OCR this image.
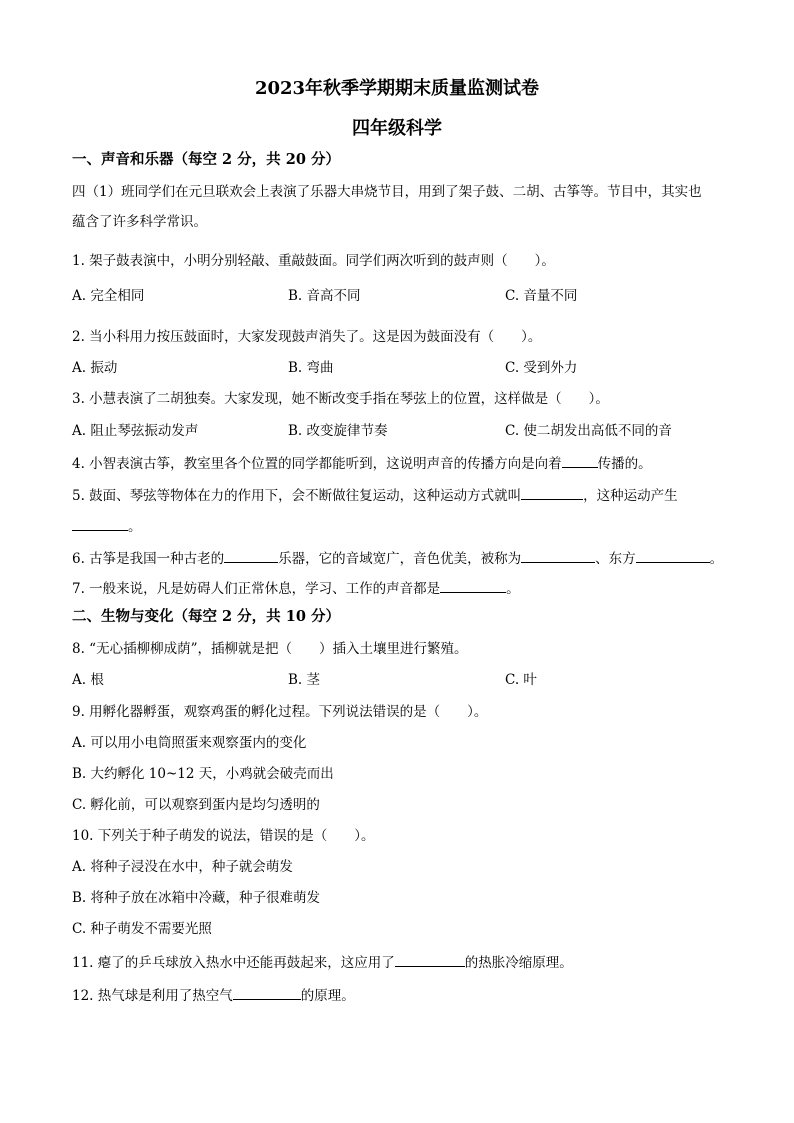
2023年秋季学期期末质量监测试卷
四年级科学
一、声音和乐器（每空 2 分，共 20 分）
四（1）班同学们在元旦联欢会上表演了乐器大串烧节目，用到了架子鼓、二胡、古筝等。节目中，其实也
蕴含了许多科学常识。
1. 架子鼓表演中，小明分别轻敲、重敲鼓面。同学们两次听到的鼓声则（　　）。
A. 完全相同	B. 音高不同	C. 音量不同
2. 当小科用力按压鼓面时，大家发现鼓声消失了。这是因为鼓面没有（　　）。
A. 振动	B. 弯曲	C. 受到外力
3. 小慧表演了二胡独奏。大家发现，她不断改变手指在琴弦上的位置，这样做是（　　）。
A. 阻止琴弦振动发声	B. 改变旋律节奏	C. 使二胡发出高低不同的音
4. 小智表演古筝，教室里各个位置的同学都能听到，这说明声音的传播方向是向着	传播的。
5. 鼓面、琴弦等物体在力的作用下，会不断做往复运动，这种运动方式就叫	，这种运动产生
。
6. 古筝是我国一种古老的	乐器，它的音域宽广，音色优美，被称为	、东方	。
7. 一般来说，凡是妨碍人们正常休息，学习、工作的声音都是	。
二、生物与变化（每空 2 分，共 10 分）
8. “无心插柳柳成荫”，插柳就是把（　　）插入土壤里进行繁殖。
A. 根	B. 茎	C. 叶
9. 用孵化器孵蛋，观察鸡蛋的孵化过程。下列说法错误的是（　　）。
A. 可以用小电筒照蛋来观察蛋内的变化
B. 大约孵化 10~12 天，小鸡就会破壳而出
C. 孵化前，可以观察到蛋内是均匀透明的
10. 下列关于种子萌发的说法，错误的是（　　）。
A. 将种子浸没在水中，种子就会萌发
B. 将种子放在冰箱中冷藏，种子很难萌发
C. 种子萌发不需要光照
11. 瘪了的乒乓球放入热水中还能再鼓起来，这应用了	的热胀冷缩原理。
12. 热气球是利用了热空气	的原理。
